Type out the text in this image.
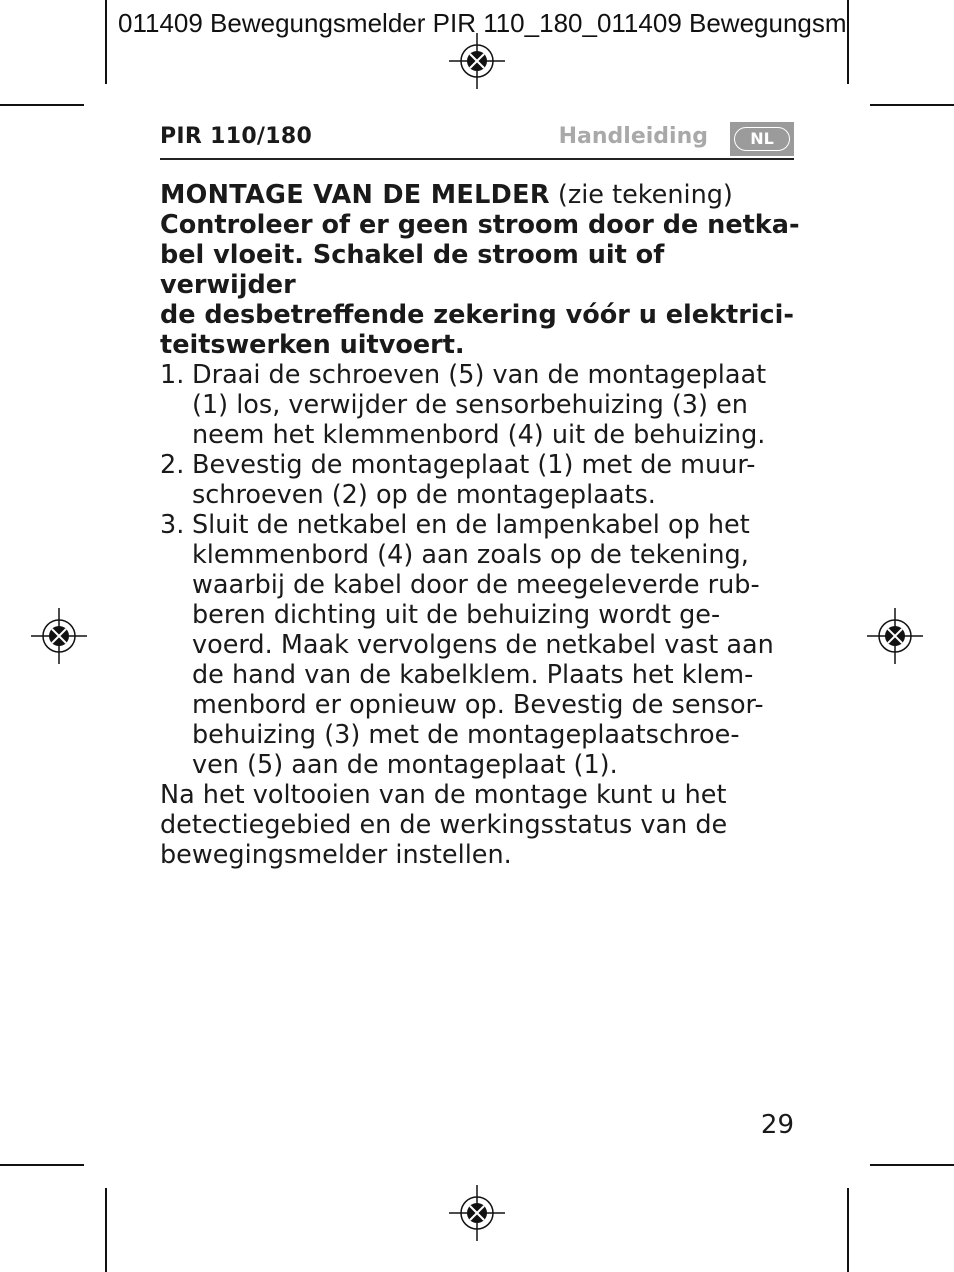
011409 Bewegungsmelder PIR 110_180_011409 Bewegungsm
PIR 110/180	Handleiding	NL

MONTAGE VAN DE MELDER (zie tekening)

Controleer of er geen stroom door de netka-
bel vloeit. Schakel de stroom uit of verwijder
de desbetreffende zekering vóór u elektrici-
teitswerken uitvoert.
1. Draai de schroeven (5) van de montageplaat
(1) los, verwijder de sensorbehuizing (3) en
neem het klemmenbord (4) uit de behuizing.
2. Bevestig de montageplaat (1) met de muur-
schroeven (2) op de montageplaats.
3. Sluit de netkabel en de lampenkabel op het
klemmenbord (4) aan zoals op de tekening,
waarbij de kabel door de meegeleverde rub-
beren dichting uit de behuizing wordt ge-
voerd. Maak vervolgens de netkabel vast aan
de hand van de kabelklem. Plaats het klem-
menbord er opnieuw op. Bevestig de sensor-
behuizing (3) met de montageplaatschroe-
ven (5) aan de montageplaat (1).
Na het voltooien van de montage kunt u het
detectiegebied en de werkingsstatus van de
bewegingsmelder instellen.
29
